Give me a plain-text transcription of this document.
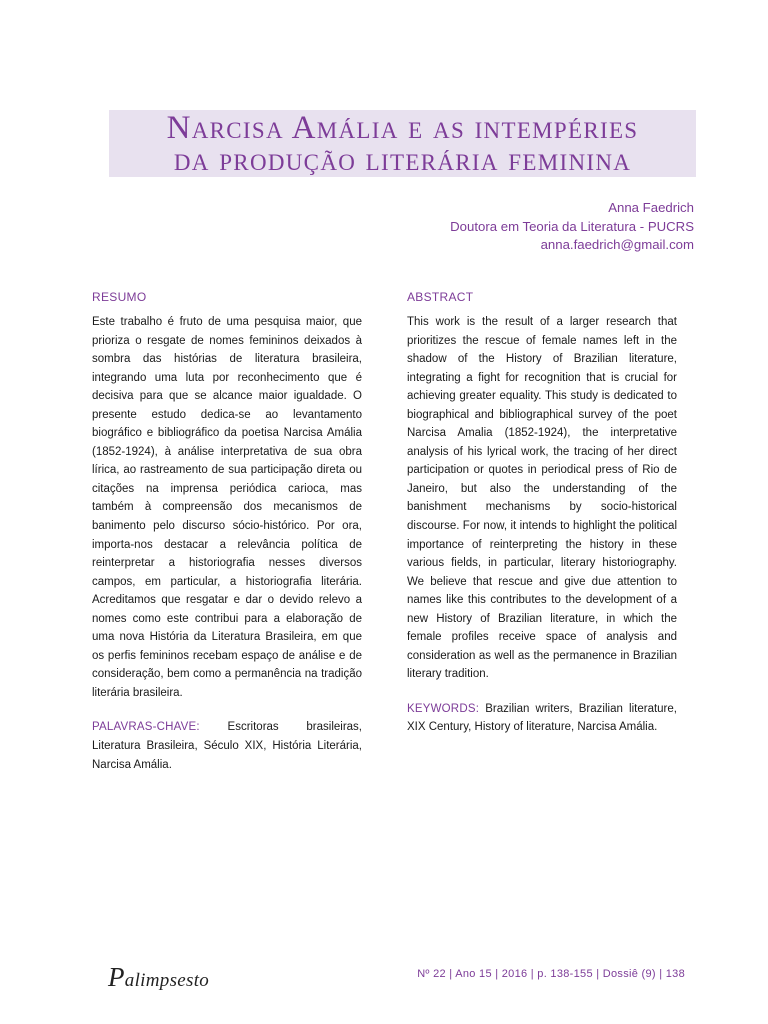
Narcisa Amália e as intempéries
da produção literária feminina
Anna Faedrich
Doutora em Teoria da Literatura - PUCRS
anna.faedrich@gmail.com
RESUMO

Este trabalho é fruto de uma pesquisa maior, que prioriza o resgate de nomes femininos deixados à sombra das histórias de literatura brasileira, integrando uma luta por reconhecimento que é decisiva para que se alcance maior igualdade. O presente estudo dedica-se ao levantamento biográfico e bibliográfico da poetisa Narcisa Amália (1852-1924), à análise interpretativa de sua obra lírica, ao rastreamento de sua participação direta ou citações na imprensa periódica carioca, mas também à compreensão dos mecanismos de banimento pelo discurso sócio-histórico. Por ora, importa-nos destacar a relevância política de reinterpretar a historiografia nesses diversos campos, em particular, a historiografia literária. Acreditamos que resgatar e dar o devido relevo a nomes como este contribui para a elaboração de uma nova História da Literatura Brasileira, em que os perfis femininos recebam espaço de análise e de consideração, bem como a permanência na tradição literária brasileira.

PALAVRAS-CHAVE: Escritoras brasileiras, Literatura Brasileira, Século XIX, História Literária, Narcisa Amália.
ABSTRACT

This work is the result of a larger research that prioritizes the rescue of female names left in the shadow of the History of Brazilian literature, integrating a fight for recognition that is crucial for achieving greater equality. This study is dedicated to biographical and bibliographical survey of the poet Narcisa Amalia (1852-1924), the interpretative analysis of his lyrical work, the tracing of her direct participation or quotes in periodical press of Rio de Janeiro, but also the understanding of the banishment mechanisms by socio-historical discourse. For now, it intends to highlight the political importance of reinterpreting the history in these various fields, in particular, literary historiography. We believe that rescue and give due attention to names like this contributes to the development of a new History of Brazilian literature, in which the female profiles receive space of analysis and consideration as well as the permanence in Brazilian literary tradition.

KEYWORDS: Brazilian writers, Brazilian literature, XIX Century, History of literature, Narcisa Amália.
Palimpsesto	Nº 22 | Ano 15 | 2016 | p. 138-155 | Dossiê (9) | 138
